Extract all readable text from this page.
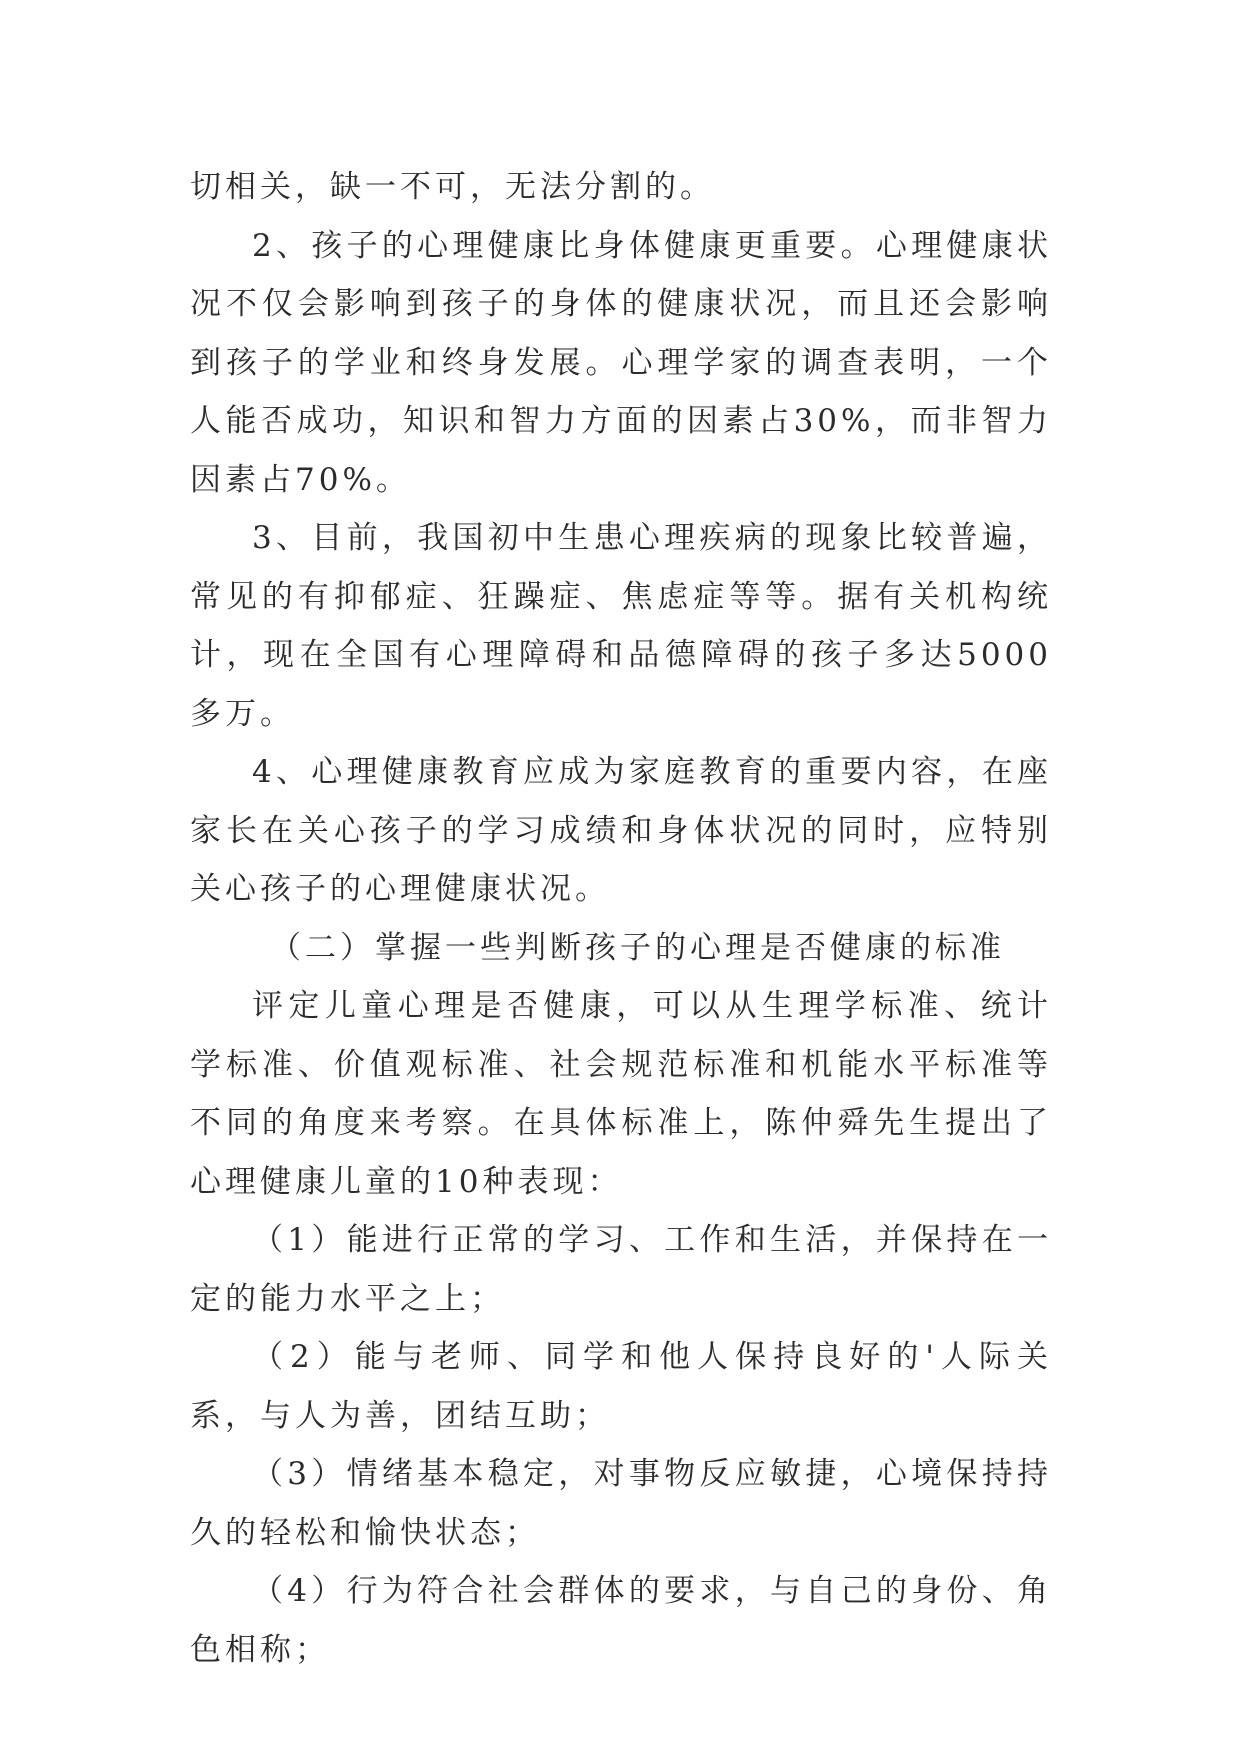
切相关，缺一不可，无法分割的。

2、孩子的心理健康比身体健康更重要。心理健康状况不仅会影响到孩子的身体的健康状况，而且还会影响到孩子的学业和终身发展。心理学家的调查表明，一个人能否成功，知识和智力方面的因素占30%，而非智力因素占70%。

3、目前，我国初中生患心理疾病的现象比较普遍，常见的有抑郁症、狂躁症、焦虑症等等。据有关机构统计，现在全国有心理障碍和品德障碍的孩子多达5000多万。

4、心理健康教育应成为家庭教育的重要内容，在座家长在关心孩子的学习成绩和身体状况的同时，应特别关心孩子的心理健康状况。

（二）掌握一些判断孩子的心理是否健康的标准

评定儿童心理是否健康，可以从生理学标准、统计学标准、价值观标准、社会规范标准和机能水平标准等不同的角度来考察。在具体标准上，陈仲舜先生提出了心理健康儿童的10种表现：

（1）能进行正常的学习、工作和生活，并保持在一定的能力水平之上；

（2）能与老师、同学和他人保持良好的'人际关系，与人为善，团结互助；

（3）情绪基本稳定，对事物反应敏捷，心境保持持久的轻松和愉快状态；

（4）行为符合社会群体的要求，与自己的身份、角色相称；
